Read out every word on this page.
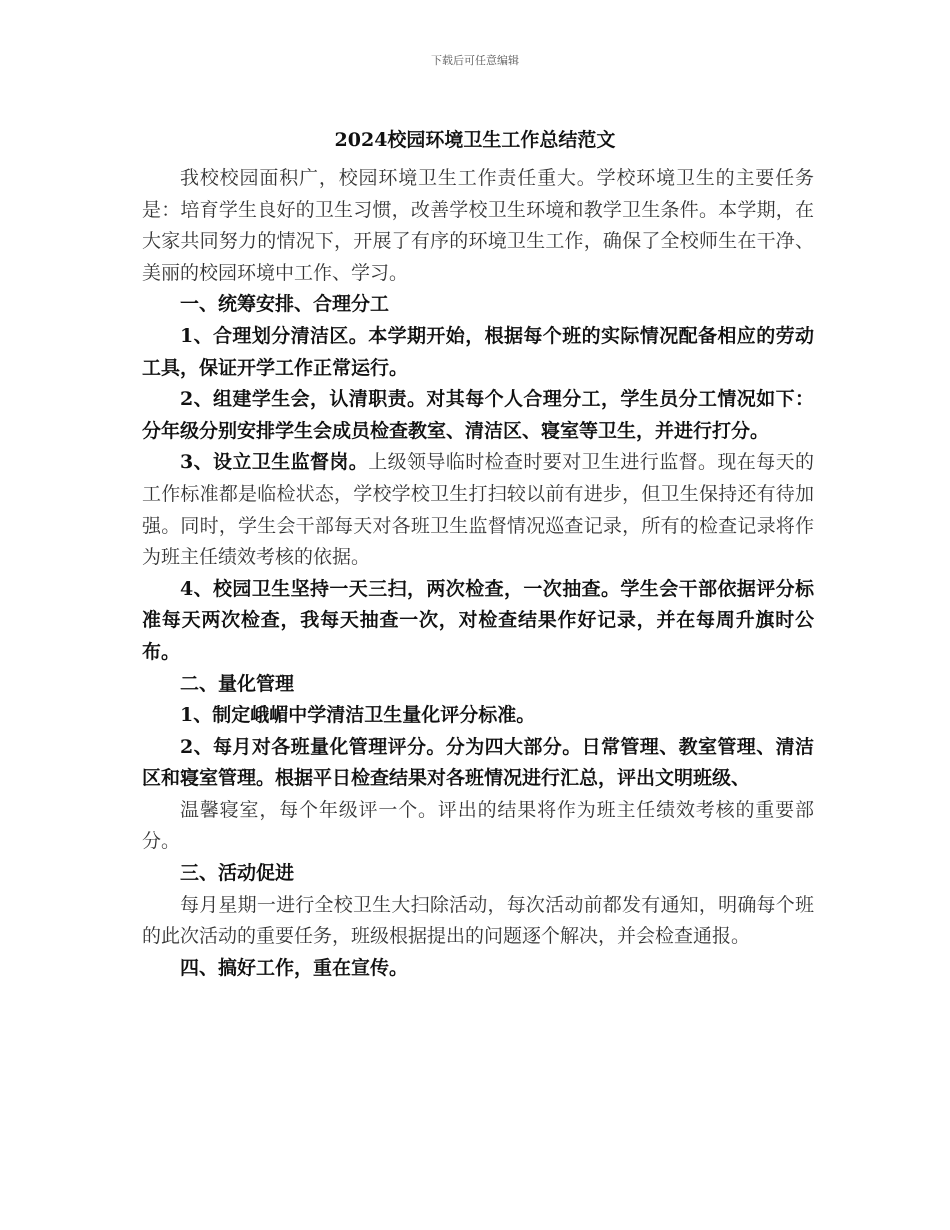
下载后可任意编辑
2024校园环境卫生工作总结范文

我校校园面积广，校园环境卫生工作责任重大。学校环境卫生的主要任务是：培育学生良好的卫生习惯，改善学校卫生环境和教学卫生条件。本学期，在大家共同努力的情况下，开展了有序的环境卫生工作，确保了全校师生在干净、美丽的校园环境中工作、学习。

一、统筹安排、合理分工

1、合理划分清洁区。本学期开始，根据每个班的实际情况配备相应的劳动工具，保证开学工作正常运行。

2、组建学生会，认清职责。对其每个人合理分工，学生员分工情况如下：分年级分别安排学生会成员检查教室、清洁区、寝室等卫生，并进行打分。

3、设立卫生监督岗。上级领导临时检查时要对卫生进行监督。现在每天的工作标准都是临检状态，学校学校卫生打扫较以前有进步，但卫生保持还有待加强。同时，学生会干部每天对各班卫生监督情况巡查记录，所有的检查记录将作为班主任绩效考核的依据。

4、校园卫生坚持一天三扫，两次检查，一次抽查。学生会干部依据评分标准每天两次检查，我每天抽查一次，对检查结果作好记录，并在每周升旗时公布。

二、量化管理

1、制定峨嵋中学清洁卫生量化评分标准。

2、每月对各班量化管理评分。分为四大部分。日常管理、教室管理、清洁区和寝室管理。根据平日检查结果对各班情况进行汇总，评出文明班级、

温馨寝室，每个年级评一个。评出的结果将作为班主任绩效考核的重要部分。

三、活动促进

每月星期一进行全校卫生大扫除活动，每次活动前都发有通知，明确每个班的此次活动的重要任务，班级根据提出的问题逐个解决，并会检查通报。

四、搞好工作，重在宣传。
